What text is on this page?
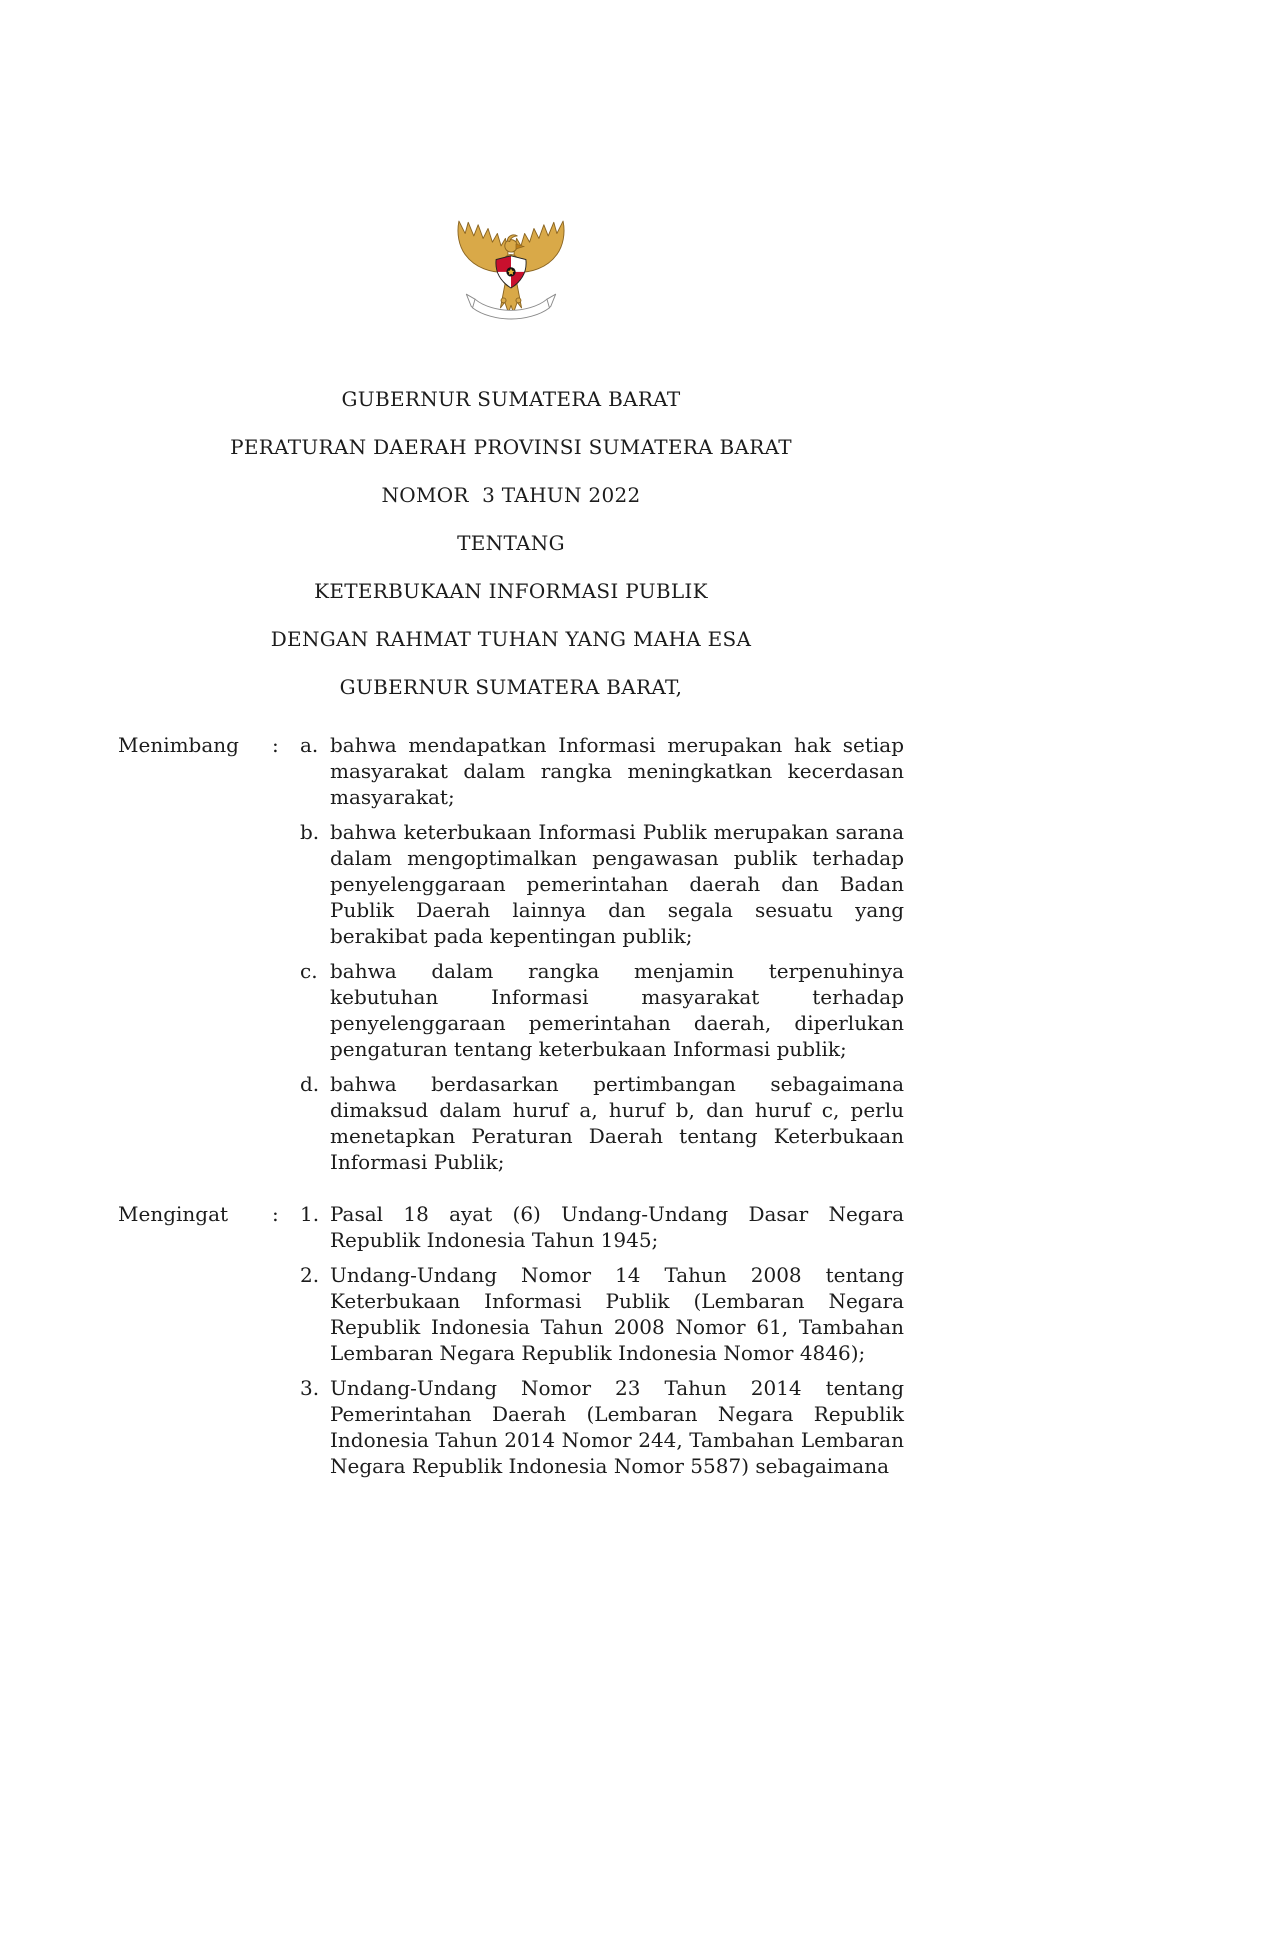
GUBERNUR SUMATERA BARAT
PERATURAN DAERAH PROVINSI SUMATERA BARAT
NOMOR  3 TAHUN 2022
TENTANG
KETERBUKAAN INFORMASI PUBLIK
DENGAN RAHMAT TUHAN YANG MAHA ESA
GUBERNUR SUMATERA BARAT,
Menimbang	:	a. bahwa mendapatkan Informasi merupakan hak setiap masyarakat dalam rangka meningkatkan kecerdasan masyarakat;
b. bahwa keterbukaan Informasi Publik merupakan sarana dalam mengoptimalkan pengawasan publik terhadap penyelenggaraan pemerintahan daerah dan Badan Publik Daerah lainnya dan segala sesuatu yang berakibat pada kepentingan publik;
c. bahwa dalam rangka menjamin terpenuhinya kebutuhan Informasi masyarakat terhadap penyelenggaraan pemerintahan daerah, diperlukan pengaturan tentang keterbukaan Informasi publik;
d. bahwa berdasarkan pertimbangan sebagaimana dimaksud dalam huruf a, huruf b, dan huruf c, perlu menetapkan Peraturan Daerah tentang Keterbukaan Informasi Publik;
Mengingat	:	1. Pasal 18 ayat (6) Undang-Undang Dasar Negara Republik Indonesia Tahun 1945;
2. Undang-Undang Nomor 14 Tahun 2008 tentang Keterbukaan Informasi Publik (Lembaran Negara Republik Indonesia Tahun 2008 Nomor 61, Tambahan Lembaran Negara Republik Indonesia Nomor 4846);
3. Undang-Undang Nomor 23 Tahun 2014 tentang Pemerintahan Daerah (Lembaran Negara Republik Indonesia Tahun 2014 Nomor 244, Tambahan Lembaran Negara Republik Indonesia Nomor 5587) sebagaimana
